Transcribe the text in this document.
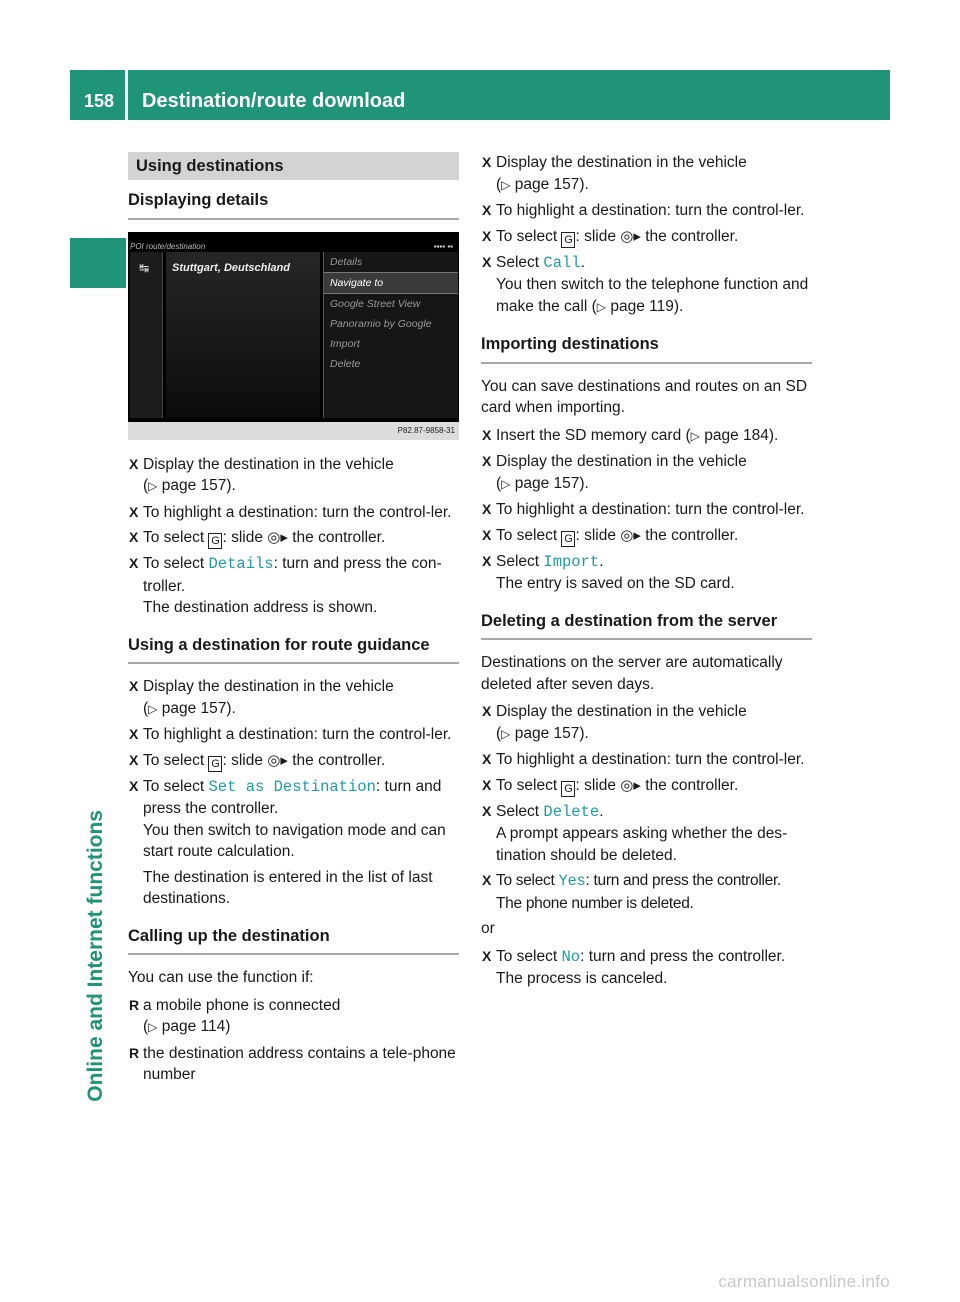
158 Destination/route download
Online and Internet functions
Using destinations
Displaying details
POI route/destination	▪▪▪▪ ▪▪
↹ Stuttgart, Deutschland	Details
Navigate to
Google Street View
Panoramio by Google
Import
Delete
P82.87-9858-31
X Display the destination in the vehicle
(▷ page 157).
X To highlight a destination: turn the control-ler.
X To select G : slide ◎▸ the controller.
X To select Details: turn and press the con-troller.
The destination address is shown.
Using a destination for route guidance
X Display the destination in the vehicle
(▷ page 157).
X To highlight a destination: turn the control-ler.
X To select G : slide ◎▸ the controller.
X To select Set as Destination: turn and press the controller.
You then switch to navigation mode and can start route calculation.
The destination is entered in the list of last destinations.
Calling up the destination
You can use the function if:
R a mobile phone is connected
(▷ page 114)
R the destination address contains a tele-phone number
X Display the destination in the vehicle
(▷ page 157).
X To highlight a destination: turn the control-ler.
X To select G : slide ◎▸ the controller.
X Select Call.
You then switch to the telephone function and make the call (▷ page 119).
Importing destinations
You can save destinations and routes on an SD card when importing.
X Insert the SD memory card (▷ page 184).
X Display the destination in the vehicle
(▷ page 157).
X To highlight a destination: turn the control-ler.
X To select G : slide ◎▸ the controller.
X Select Import.
The entry is saved on the SD card.
Deleting a destination from the server
Destinations on the server are automatically deleted after seven days.
X Display the destination in the vehicle
(▷ page 157).
X To highlight a destination: turn the control-ler.
X To select G : slide ◎▸ the controller.
X Select Delete.
A prompt appears asking whether the des-tination should be deleted.
X To select Yes: turn and press the controller.
The phone number is deleted.
or
X To select No: turn and press the controller.
The process is canceled.
carmanualsonline.info
